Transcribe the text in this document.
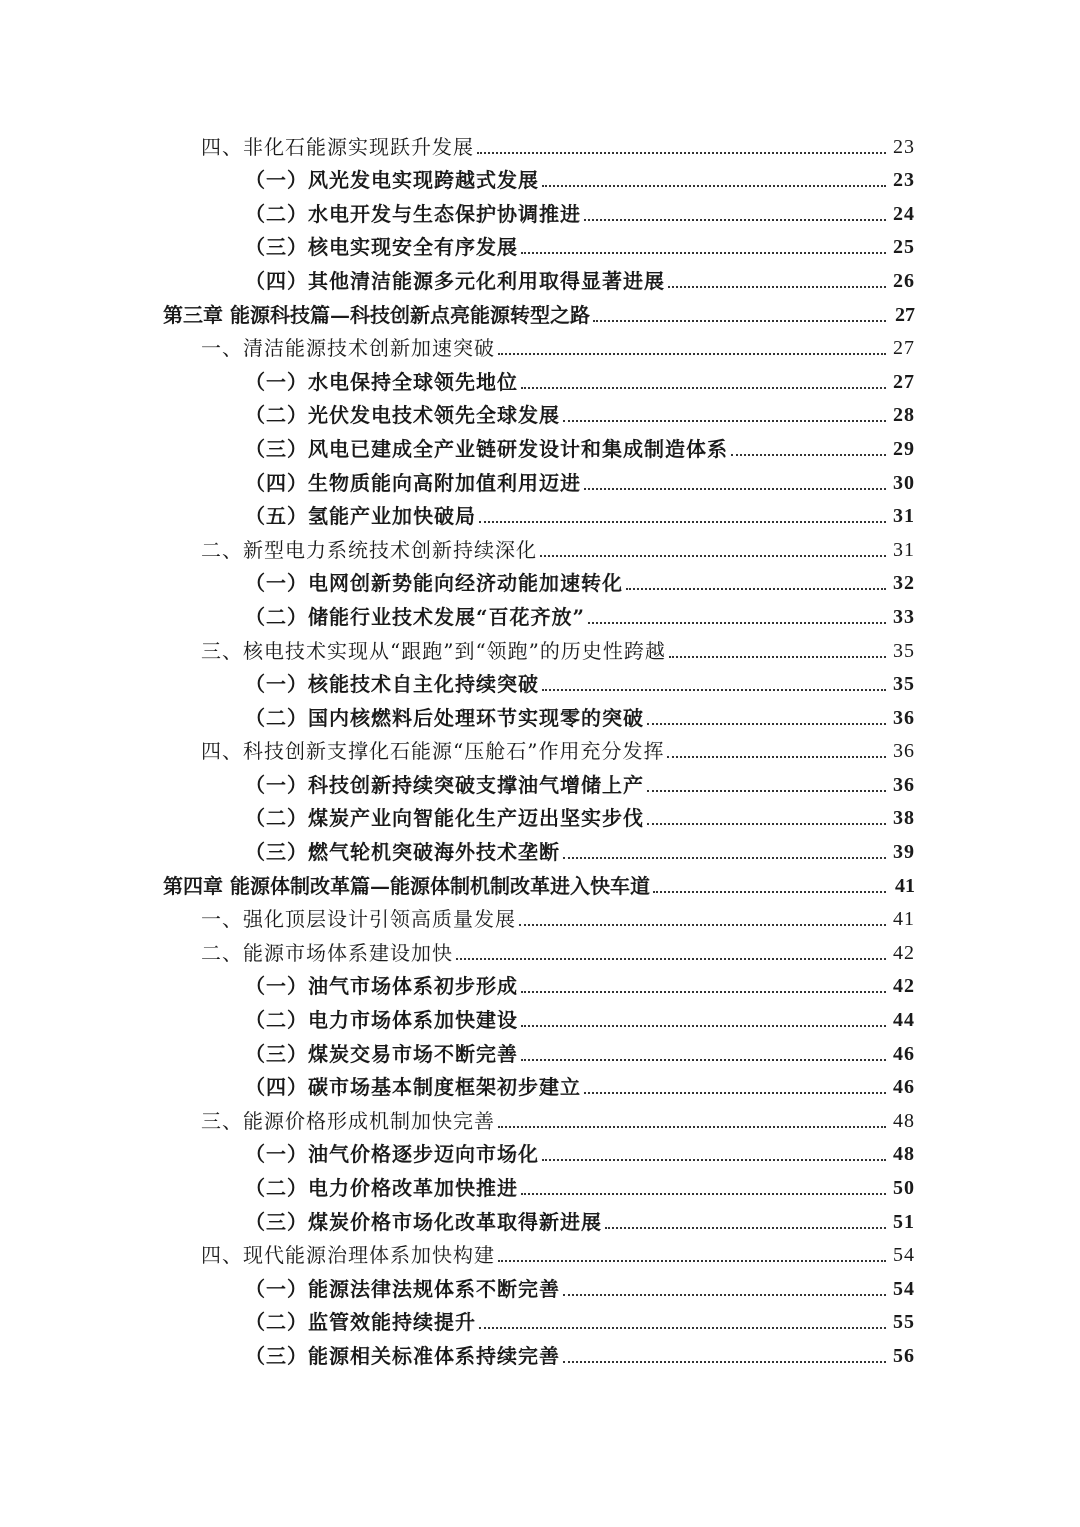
四、非化石能源实现跃升发展	23
（一）风光发电实现跨越式发展	23
（二）水电开发与生态保护协调推进	24
（三）核电实现安全有序发展	25
（四）其他清洁能源多元化利用取得显著进展	26
第三章 能源科技篇—科技创新点亮能源转型之路	27
一、清洁能源技术创新加速突破	27
（一）水电保持全球领先地位	27
（二）光伏发电技术领先全球发展	28
（三）风电已建成全产业链研发设计和集成制造体系	29
（四）生物质能向高附加值利用迈进	30
（五）氢能产业加快破局	31
二、新型电力系统技术创新持续深化	31
（一）电网创新势能向经济动能加速转化	32
（二）储能行业技术发展“百花齐放”	33
三、核电技术实现从“跟跑”到“领跑”的历史性跨越	35
（一）核能技术自主化持续突破	35
（二）国内核燃料后处理环节实现零的突破	36
四、科技创新支撑化石能源“压舱石”作用充分发挥	36
（一）科技创新持续突破支撑油气增储上产	36
（二）煤炭产业向智能化生产迈出坚实步伐	38
（三）燃气轮机突破海外技术垄断	39
第四章 能源体制改革篇—能源体制机制改革进入快车道	41
一、强化顶层设计引领高质量发展	41
二、能源市场体系建设加快	42
（一）油气市场体系初步形成	42
（二）电力市场体系加快建设	44
（三）煤炭交易市场不断完善	46
（四）碳市场基本制度框架初步建立	46
三、能源价格形成机制加快完善	48
（一）油气价格逐步迈向市场化	48
（二）电力价格改革加快推进	50
（三）煤炭价格市场化改革取得新进展	51
四、现代能源治理体系加快构建	54
（一）能源法律法规体系不断完善	54
（二）监管效能持续提升	55
（三）能源相关标准体系持续完善	56
